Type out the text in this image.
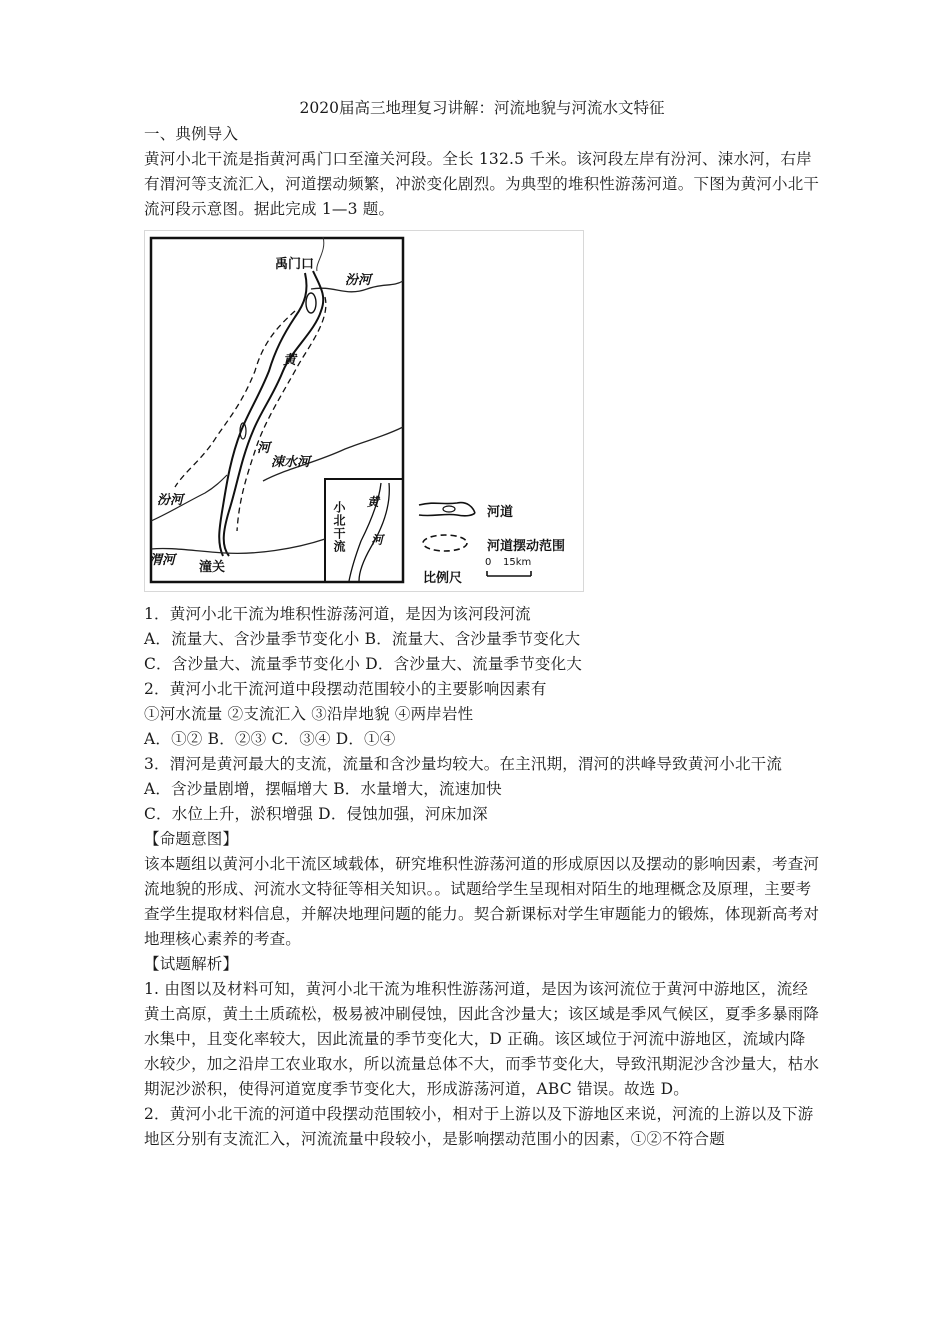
2020届高三地理复习讲解：河流地貌与河流水文特征

一、典例导入

黄河小北干流是指黄河禹门口至潼关河段。全长 132.5 千米。该河段左岸有汾河、涑水河，右岸有渭河等支流汇入，河道摆动频繁，冲淤变化剧烈。为典型的堆积性游荡河道。下图为黄河小北干流河段示意图。据此完成 1—3 题。

禹门口
汾河
黄
河
涑水河
汾河
渭河 潼关
小北干流 黄
河
河道
河道摆动范围
比例尺
0 15km

1．黄河小北干流为堆积性游荡河道，是因为该河段河流

A．流量大、含沙量季节变化小 B．流量大、含沙量季节变化大

C．含沙量大、流量季节变化小 D．含沙量大、流量季节变化大

2．黄河小北干流河道中段摆动范围较小的主要影响因素有

①河水流量 ②支流汇入 ③沿岸地貌 ④两岸岩性

A．①② B．②③ C．③④ D．①④

3．渭河是黄河最大的支流，流量和含沙量均较大。在主汛期，渭河的洪峰导致黄河小北干流

A．含沙量剧增，摆幅增大 B．水量增大，流速加快

C．水位上升，淤积增强 D．侵蚀加强，河床加深

【命题意图】

该本题组以黄河小北干流区域载体，研究堆积性游荡河道的形成原因以及摆动的影响因素，考查河流地貌的形成、河流水文特征等相关知识。。试题给学生呈现相对陌生的地理概念及原理，主要考查学生提取材料信息，并解决地理问题的能力。契合新课标对学生审题能力的锻炼，体现新高考对地理核心素养的考查。

【试题解析】

1. 由图以及材料可知，黄河小北干流为堆积性游荡河道，是因为该河流位于黄河中游地区，流经黄土高原，黄土土质疏松，极易被冲刷侵蚀，因此含沙量大；该区域是季风气候区，夏季多暴雨降水集中，且变化率较大，因此流量的季节变化大，D 正确。该区域位于河流中游地区，流域内降水较少，加之沿岸工农业取水，所以流量总体不大，而季节变化大，导致汛期泥沙含沙量大，枯水期泥沙淤积，使得河道宽度季节变化大，形成游荡河道，ABC 错误。故选 D。

2．黄河小北干流的河道中段摆动范围较小，相对于上游以及下游地区来说，河流的上游以及下游地区分别有支流汇入，河流流量中段较小，是影响摆动范围小的因素，①②不符合题
